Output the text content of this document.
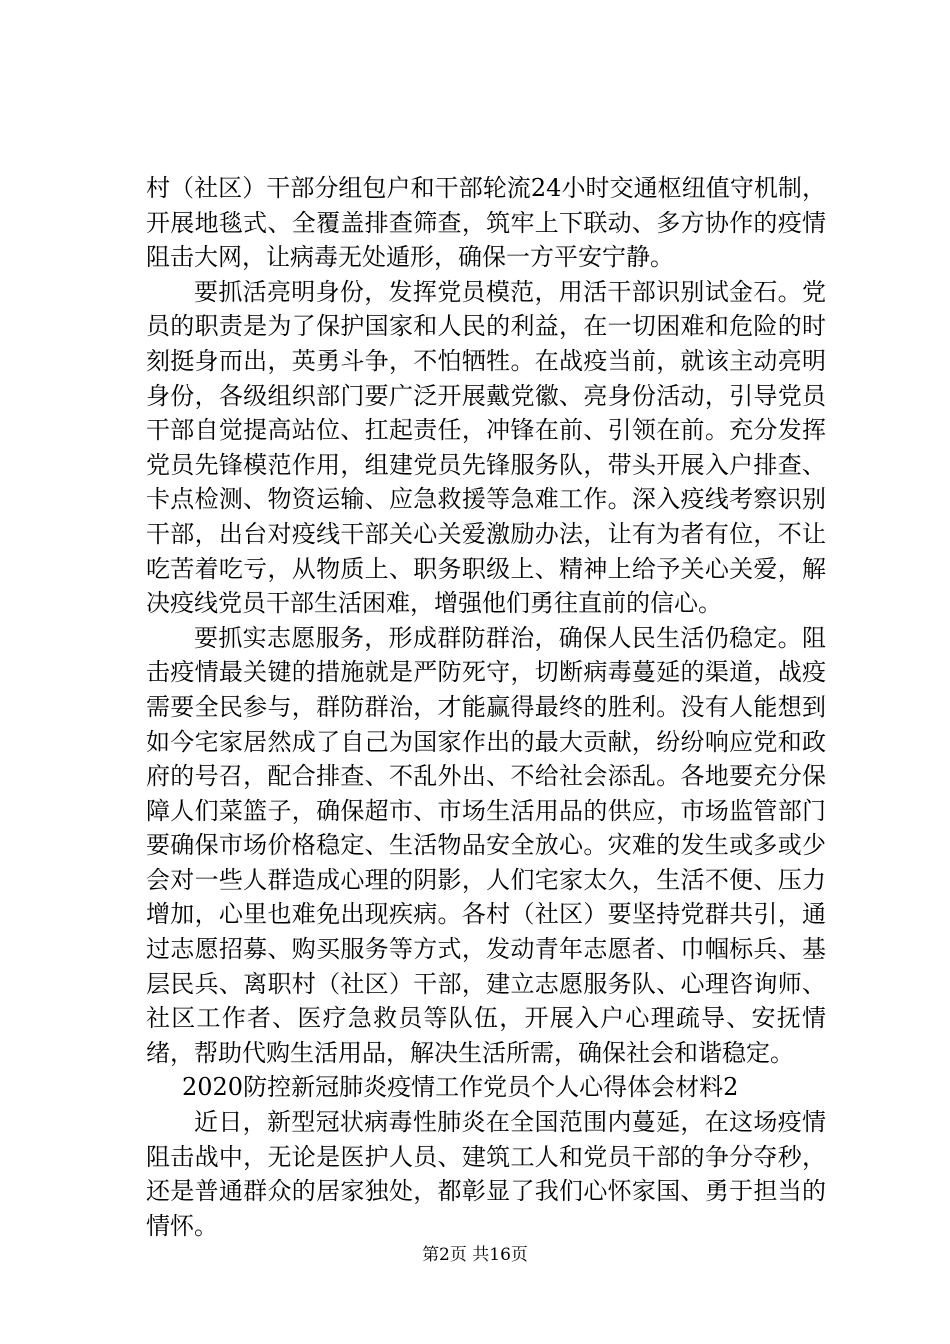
村（社区）干部分组包户和干部轮流24小时交通枢纽值守机制，开展地毯式、全覆盖排查筛查，筑牢上下联动、多方协作的疫情阻击大网，让病毒无处遁形，确保一方平安宁静。

要抓活亮明身份，发挥党员模范，用活干部识别试金石。党员的职责是为了保护国家和人民的利益，在一切困难和危险的时刻挺身而出，英勇斗争，不怕牺牲。在战疫当前，就该主动亮明身份，各级组织部门要广泛开展戴党徽、亮身份活动，引导党员干部自觉提高站位、扛起责任，冲锋在前、引领在前。充分发挥党员先锋模范作用，组建党员先锋服务队，带头开展入户排查、卡点检测、物资运输、应急救援等急难工作。深入疫线考察识别干部，出台对疫线干部关心关爱激励办法，让有为者有位，不让吃苦着吃亏，从物质上、职务职级上、精神上给予关心关爱，解决疫线党员干部生活困难，增强他们勇往直前的信心。

要抓实志愿服务，形成群防群治，确保人民生活仍稳定。阻击疫情最关键的措施就是严防死守，切断病毒蔓延的渠道，战疫需要全民参与，群防群治，才能赢得最终的胜利。没有人能想到如今宅家居然成了自己为国家作出的最大贡献，纷纷响应党和政府的号召，配合排查、不乱外出、不给社会添乱。各地要充分保障人们菜篮子，确保超市、市场生活用品的供应，市场监管部门要确保市场价格稳定、生活物品安全放心。灾难的发生或多或少会对一些人群造成心理的阴影，人们宅家太久，生活不便、压力增加，心里也难免出现疾病。各村（社区）要坚持党群共引，通过志愿招募、购买服务等方式，发动青年志愿者、巾帼标兵、基层民兵、离职村（社区）干部，建立志愿服务队、心理咨询师、社区工作者、医疗急救员等队伍，开展入户心理疏导、安抚情绪，帮助代购生活用品，解决生活所需，确保社会和谐稳定。

2020防控新冠肺炎疫情工作党员个人心得体会材料2

近日，新型冠状病毒性肺炎在全国范围内蔓延，在这场疫情阻击战中，无论是医护人员、建筑工人和党员干部的争分夺秒，还是普通群众的居家独处，都彰显了我们心怀家国、勇于担当的情怀。

第2页 共16页
